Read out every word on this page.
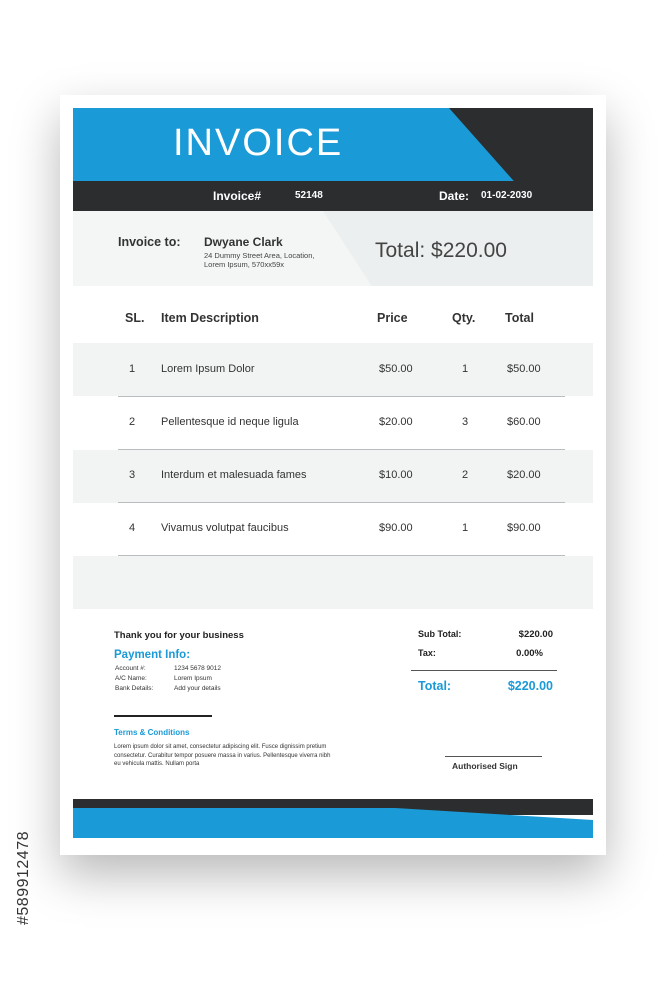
INVOICE
Invoice#	52148	Date: 01-02-2030
Invoice to: Dwyane Clark
24 Dummy Street Area, Location, Lorem Ipsum, 570xx59x
Total: $220.00
SL. Item Description	Price	Qty. Total
1 Lorem Ipsum Dolor	$50.00	1	$50.00
2 Pellentesque id neque ligula	$20.00	3	$60.00
3 Interdum et malesuada fames	$10.00	2	$20.00
4 Vivamus volutpat faucibus	$90.00	1	$90.00
Thank you for your business
Payment Info:
Account #:	1234 5678 9012
A/C Name:	Lorem Ipsum
Bank Details:	Add your details
Sub Total:	$220.00
Tax:	0.00%
Total:	$220.00
Terms & Conditions
Lorem ipsum dolor sit amet, consectetur adipiscing elit. Fusce dignissim pretium consectetur. Curabitur tempor posuere massa in varius. Pellentesque viverra nibh eu vehicula mattis. Nullam porta	Authorised Sign
#589912478
